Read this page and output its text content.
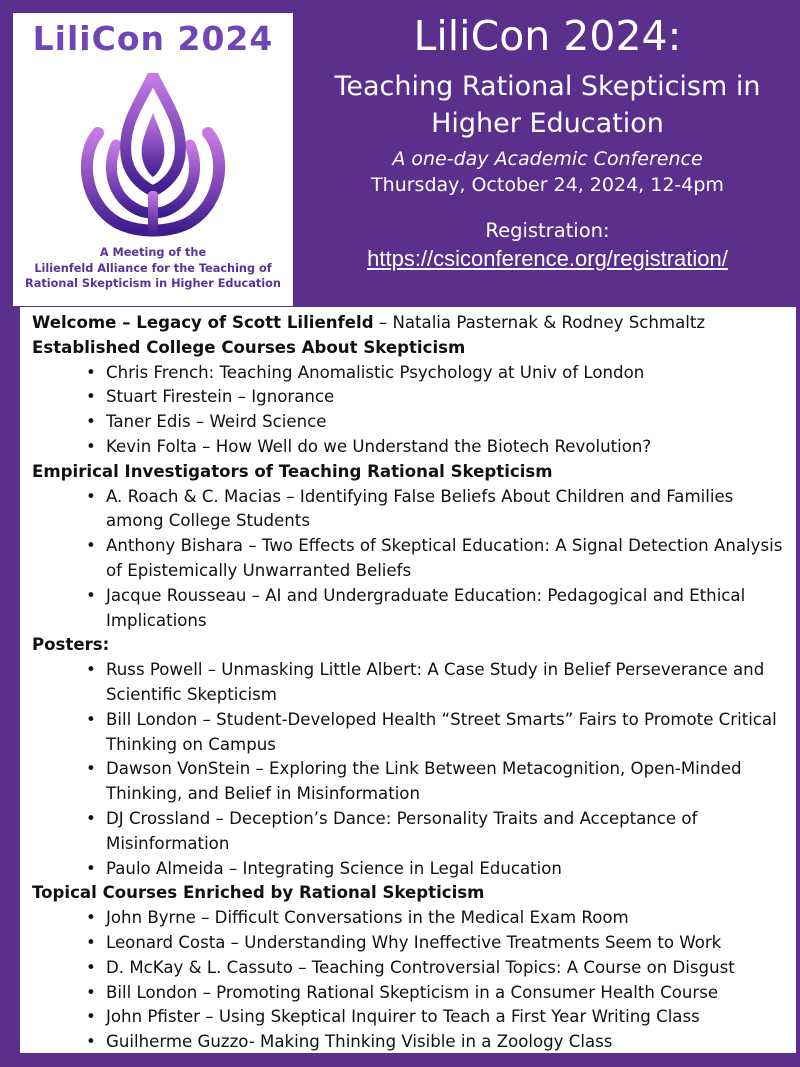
LiliCon 2024
A Meeting of the
Lilienfeld Alliance for the Teaching of
Rational Skepticism in Higher Education
LiliCon 2024:
Teaching Rational Skepticism in
Higher Education
A one-day Academic Conference
Thursday, October 24, 2024, 12-4pm
Registration:
https://csiconference.org/registration/

Welcome – Legacy of Scott Lilienfeld – Natalia Pasternak & Rodney Schmaltz

Established College Courses About Skepticism

• Chris French: Teaching Anomalistic Psychology at Univ of London
• Stuart Firestein – Ignorance
• Taner Edis – Weird Science
• Kevin Folta – How Well do we Understand the Biotech Revolution?

Empirical Investigators of Teaching Rational Skepticism

• A. Roach & C. Macias – Identifying False Beliefs About Children and Families among College Students
• Anthony Bishara – Two Effects of Skeptical Education: A Signal Detection Analysis of Epistemically Unwarranted Beliefs
• Jacque Rousseau – AI and Undergraduate Education: Pedagogical and Ethical Implications

Posters:

• Russ Powell – Unmasking Little Albert: A Case Study in Belief Perseverance and Scientific Skepticism
• Bill London – Student-Developed Health “Street Smarts” Fairs to Promote Critical Thinking on Campus
• Dawson VonStein – Exploring the Link Between Metacognition, Open-Minded Thinking, and Belief in Misinformation
• DJ Crossland – Deception’s Dance: Personality Traits and Acceptance of Misinformation
• Paulo Almeida – Integrating Science in Legal Education

Topical Courses Enriched by Rational Skepticism

• John Byrne – Difficult Conversations in the Medical Exam Room
• Leonard Costa – Understanding Why Ineffective Treatments Seem to Work
• D. McKay & L. Cassuto – Teaching Controversial Topics: A Course on Disgust
• Bill London – Promoting Rational Skepticism in a Consumer Health Course
• John Pfister – Using Skeptical Inquirer to Teach a First Year Writing Class
• Guilherme Guzzo- Making Thinking Visible in a Zoology Class
